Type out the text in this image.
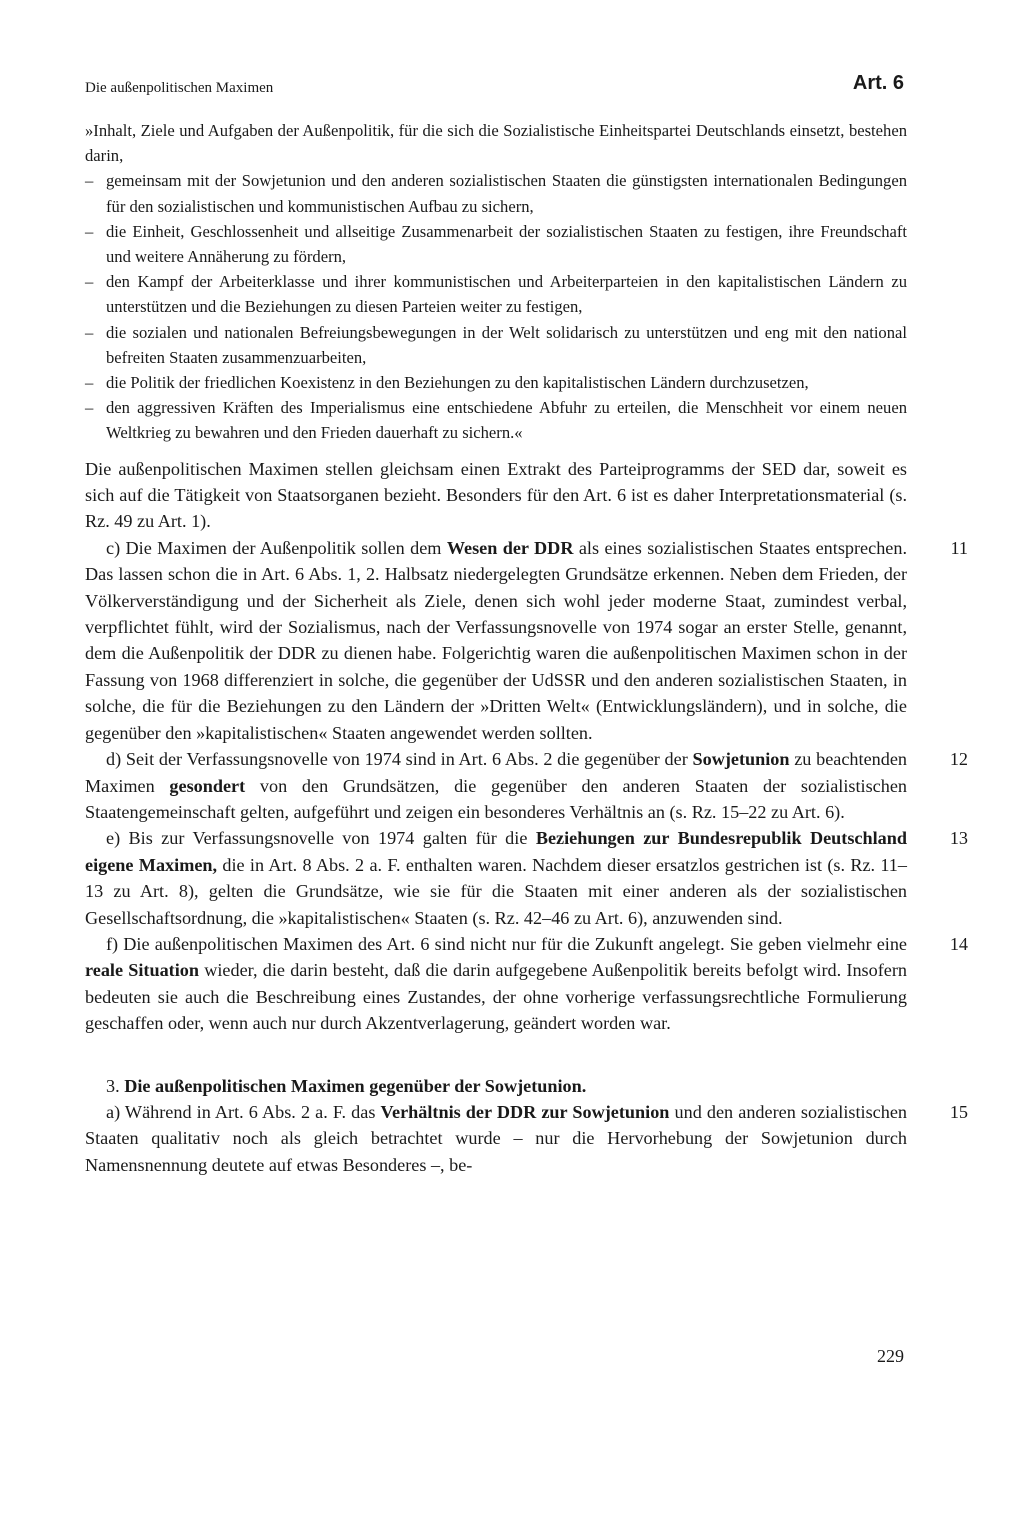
Die außenpolitischen Maximen	Art. 6

»Inhalt, Ziele und Aufgaben der Außenpolitik, für die sich die Sozialistische Einheitspartei Deutschlands einsetzt, bestehen darin,

– gemeinsam mit der Sowjetunion und den anderen sozialistischen Staaten die günstigsten internationalen Bedingungen für den sozialistischen und kommunistischen Aufbau zu sichern,
– die Einheit, Geschlossenheit und allseitige Zusammenarbeit der sozialistischen Staaten zu festigen, ihre Freundschaft und weitere Annäherung zu fördern,
– den Kampf der Arbeiterklasse und ihrer kommunistischen und Arbeiterparteien in den kapitalistischen Ländern zu unterstützen und die Beziehungen zu diesen Parteien weiter zu festigen,
– die sozialen und nationalen Befreiungsbewegungen in der Welt solidarisch zu unterstützen und eng mit den national befreiten Staaten zusammenzuarbeiten,
– die Politik der friedlichen Koexistenz in den Beziehungen zu den kapitalistischen Ländern durchzusetzen,
– den aggressiven Kräften des Imperialismus eine entschiedene Abfuhr zu erteilen, die Menschheit vor einem neuen Weltkrieg zu bewahren und den Frieden dauerhaft zu sichern.«

Die außenpolitischen Maximen stellen gleichsam einen Extrakt des Parteiprogramms der SED dar, soweit es sich auf die Tätigkeit von Staatsorganen bezieht. Besonders für den Art. 6 ist es daher Interpretationsmaterial (s. Rz. 49 zu Art. 1).

11
c) Die Maximen der Außenpolitik sollen dem Wesen der DDR als eines sozialistischen Staates entsprechen. Das lassen schon die in Art. 6 Abs. 1, 2. Halbsatz niedergelegten Grundsätze erkennen. Neben dem Frieden, der Völkerverständigung und der Sicherheit als Ziele, denen sich wohl jeder moderne Staat, zumindest verbal, verpflichtet fühlt, wird der Sozialismus, nach der Verfassungsnovelle von 1974 sogar an erster Stelle, genannt, dem die Außenpolitik der DDR zu dienen habe. Folgerichtig waren die außenpolitischen Maximen schon in der Fassung von 1968 differenziert in solche, die gegenüber der UdSSR und den anderen sozialistischen Staaten, in solche, die für die Beziehungen zu den Ländern der »Dritten Welt« (Entwicklungsländern), und in solche, die gegenüber den »kapitalistischen« Staaten angewendet werden sollten.

12
d) Seit der Verfassungsnovelle von 1974 sind in Art. 6 Abs. 2 die gegenüber der Sowjetunion zu beachtenden Maximen gesondert von den Grundsätzen, die gegenüber den anderen Staaten der sozialistischen Staatengemeinschaft gelten, aufgeführt und zeigen ein besonderes Verhältnis an (s. Rz. 15–22 zu Art. 6).

13
e) Bis zur Verfassungsnovelle von 1974 galten für die Beziehungen zur Bundesrepublik Deutschland eigene Maximen, die in Art. 8 Abs. 2 a. F. enthalten waren. Nachdem dieser ersatzlos gestrichen ist (s. Rz. 11–13 zu Art. 8), gelten die Grundsätze, wie sie für die Staaten mit einer anderen als der sozialistischen Gesellschaftsordnung, die »kapitalistischen« Staaten (s. Rz. 42–46 zu Art. 6), anzuwenden sind.

14
f) Die außenpolitischen Maximen des Art. 6 sind nicht nur für die Zukunft angelegt. Sie geben vielmehr eine reale Situation wieder, die darin besteht, daß die darin aufgegebene Außenpolitik bereits befolgt wird. Insofern bedeuten sie auch die Beschreibung eines Zustandes, der ohne vorherige verfassungsrechtliche Formulierung geschaffen oder, wenn auch nur durch Akzentverlagerung, geändert worden war.

3. Die außenpolitischen Maximen gegenüber der Sowjetunion.

15
a) Während in Art. 6 Abs. 2 a. F. das Verhältnis der DDR zur Sowjetunion und den anderen sozialistischen Staaten qualitativ noch als gleich betrachtet wurde – nur die Hervorhebung der Sowjetunion durch Namensnennung deutete auf etwas Besonderes –, be-

229
